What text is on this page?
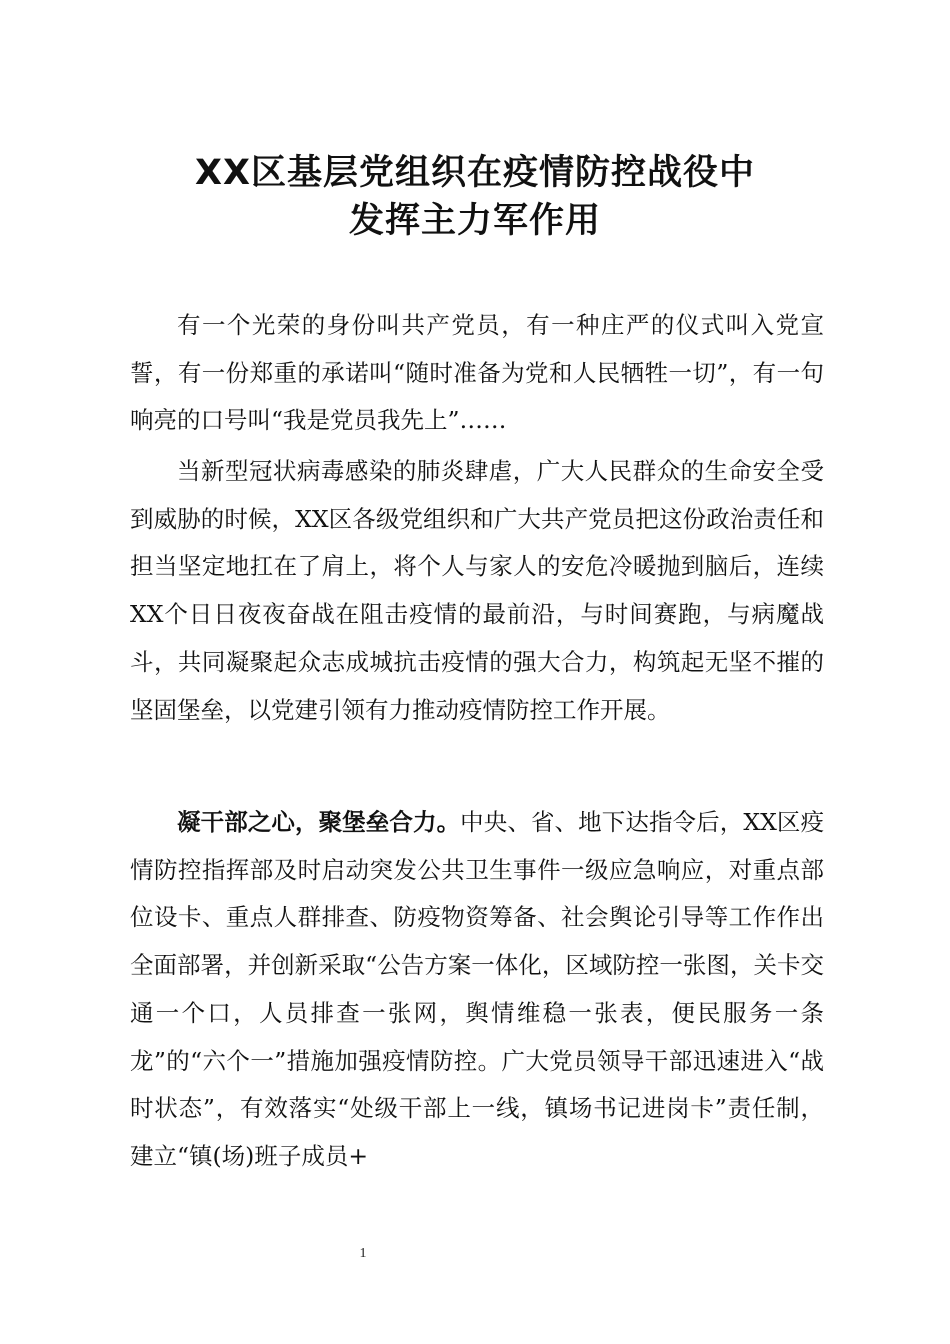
XX区基层党组织在疫情防控战役中
发挥主力军作用

有一个光荣的身份叫共产党员，有一种庄严的仪式叫入党宣誓，有一份郑重的承诺叫“随时准备为党和人民牺牲一切”，有一句响亮的口号叫“我是党员我先上”……

当新型冠状病毒感染的肺炎肆虐，广大人民群众的生命安全受到威胁的时候，XX区各级党组织和广大共产党员把这份政治责任和担当坚定地扛在了肩上，将个人与家人的安危冷暖抛到脑后，连续XX个日日夜夜奋战在阻击疫情的最前沿，与时间赛跑，与病魔战斗，共同凝聚起众志成城抗击疫情的强大合力，构筑起无坚不摧的坚固堡垒，以党建引领有力推动疫情防控工作开展。

凝干部之心，聚堡垒合力。中央、省、地下达指令后，XX区疫情防控指挥部及时启动突发公共卫生事件一级应急响应，对重点部位设卡、重点人群排查、防疫物资筹备、社会舆论引导等工作作出全面部署，并创新采取“公告方案一体化，区域防控一张图，关卡交通一个口，人员排查一张网，舆情维稳一张表，便民服务一条龙”的“六个一”措施加强疫情防控。广大党员领导干部迅速进入“战时状态”，有效落实“处级干部上一线，镇场书记进岗卡”责任制，建立“镇(场)班子成员+

1
